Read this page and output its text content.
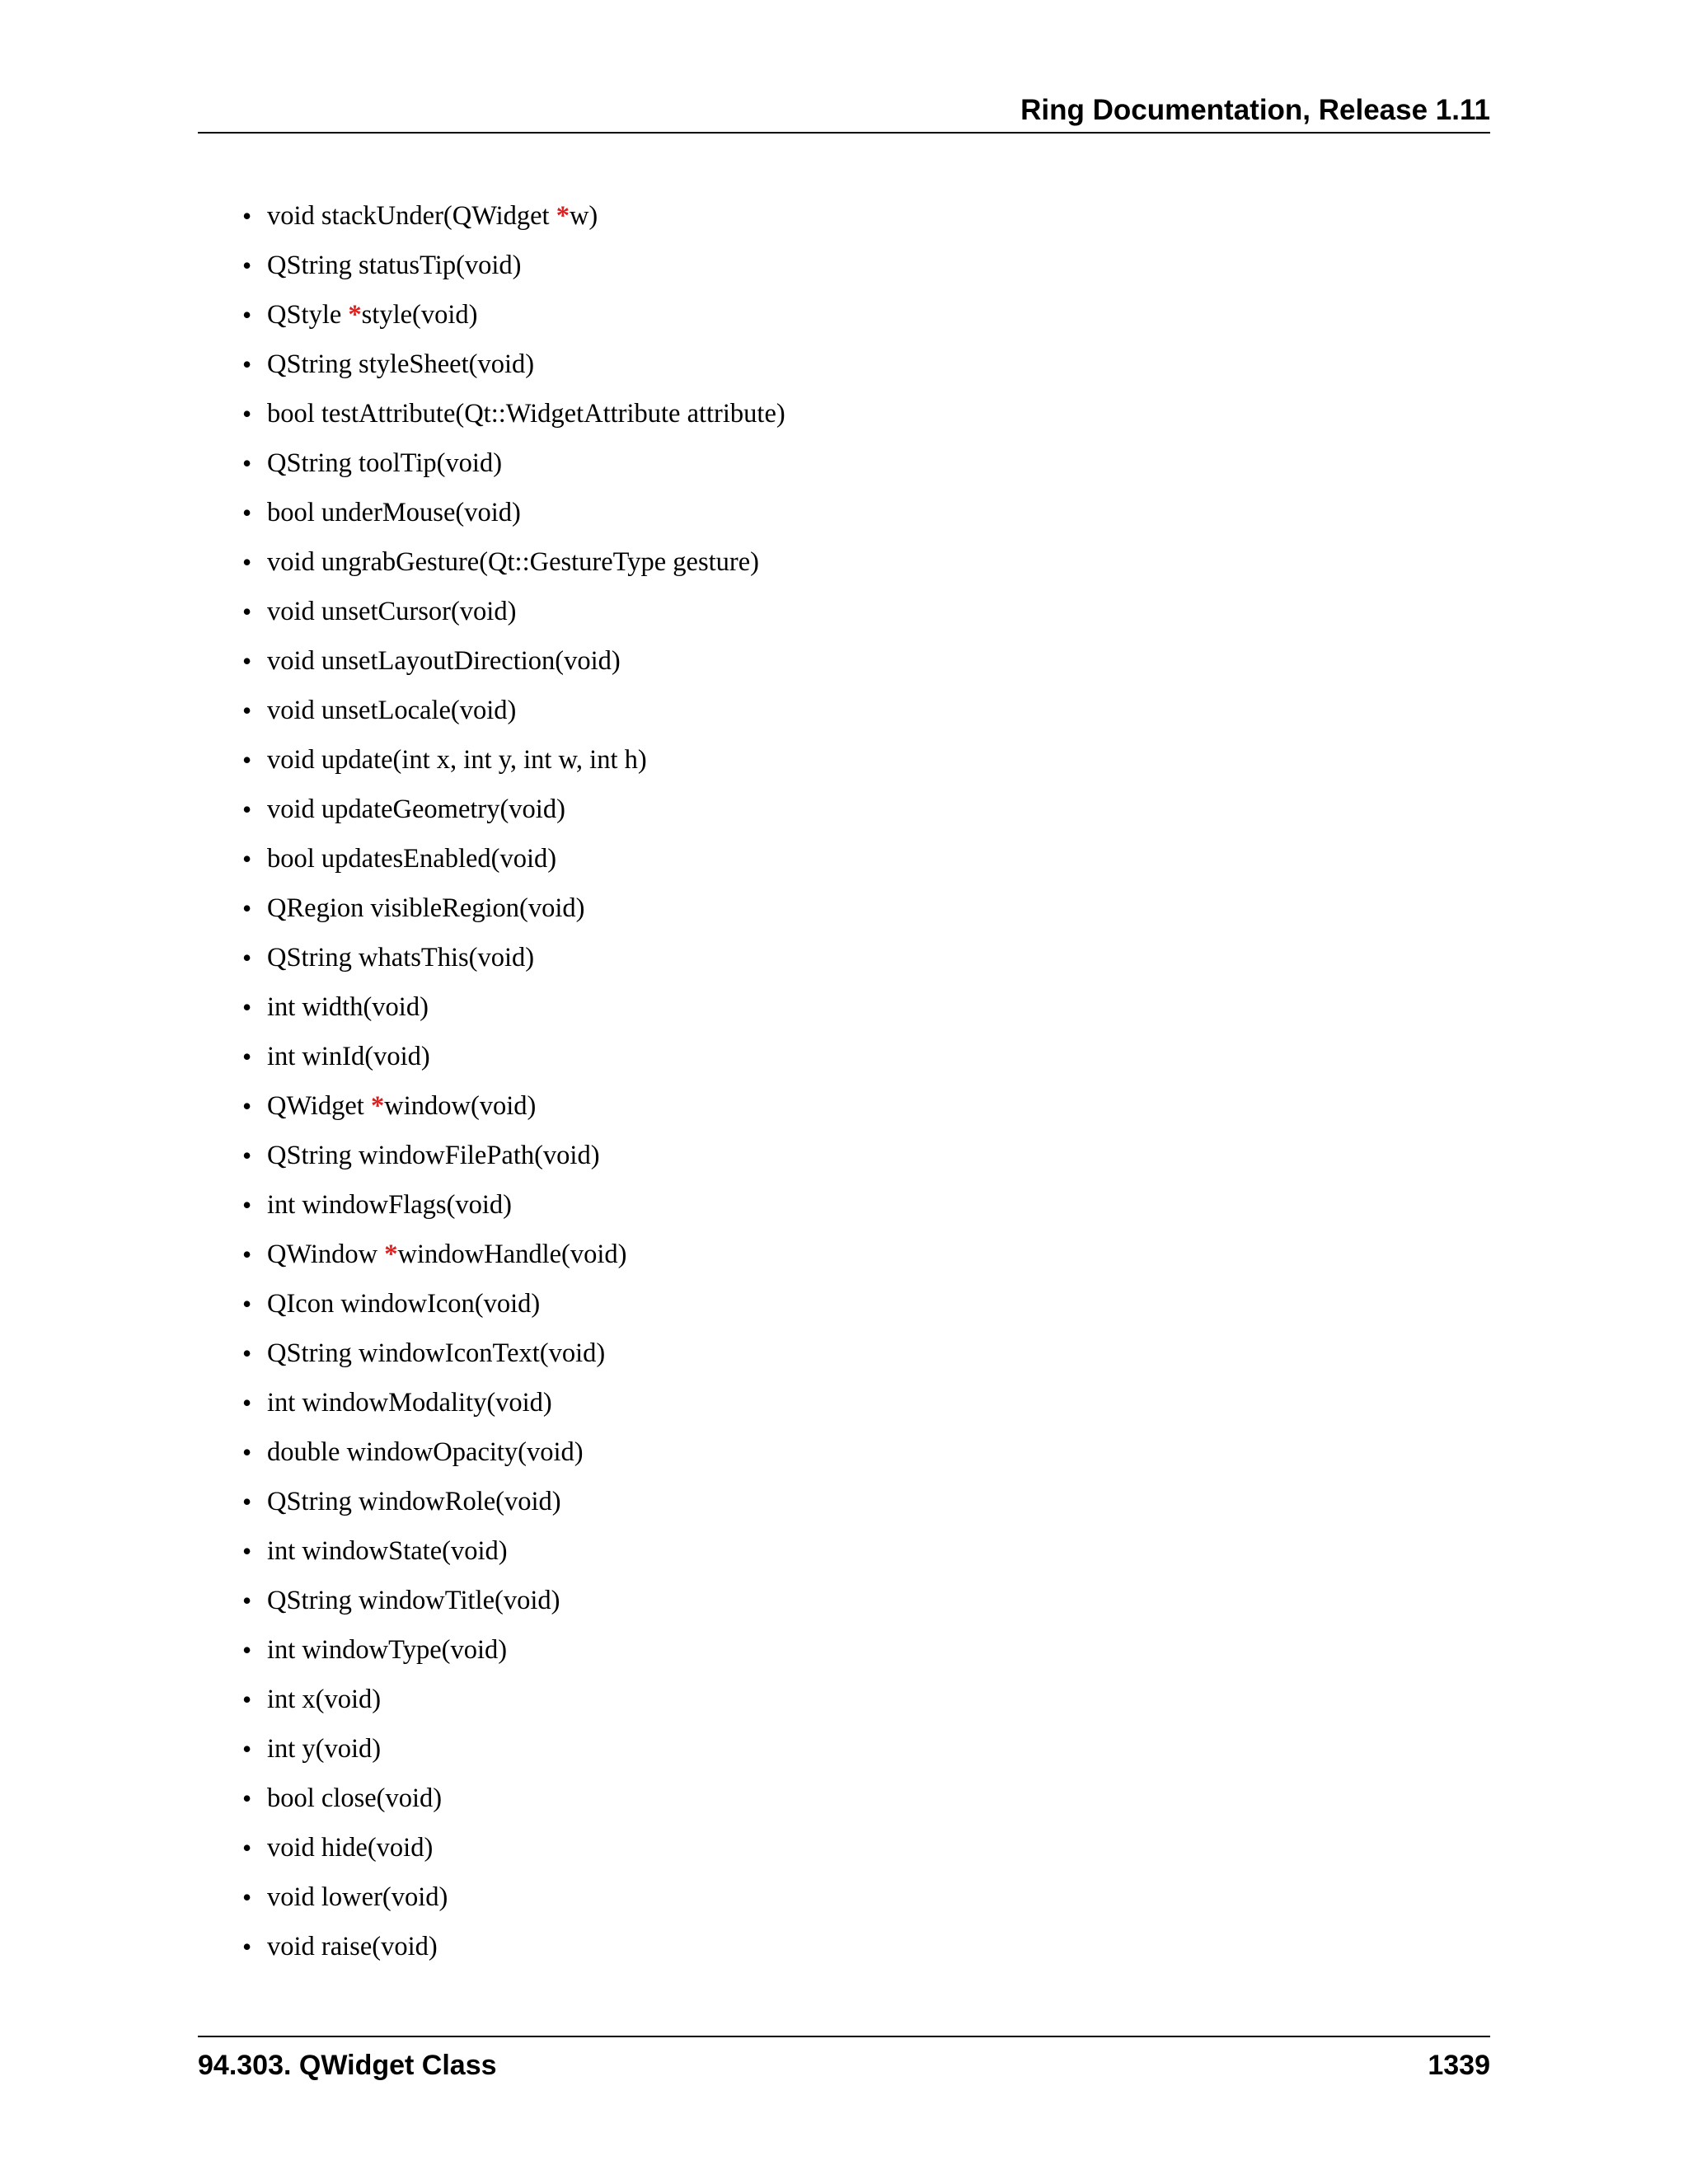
Ring Documentation, Release 1.11
• void stackUnder(QWidget *w)
• QString statusTip(void)
• QStyle *style(void)
• QString styleSheet(void)
• bool testAttribute(Qt::WidgetAttribute attribute)
• QString toolTip(void)
• bool underMouse(void)
• void ungrabGesture(Qt::GestureType gesture)
• void unsetCursor(void)
• void unsetLayoutDirection(void)
• void unsetLocale(void)
• void update(int x, int y, int w, int h)
• void updateGeometry(void)
• bool updatesEnabled(void)
• QRegion visibleRegion(void)
• QString whatsThis(void)
• int width(void)
• int winId(void)
• QWidget *window(void)
• QString windowFilePath(void)
• int windowFlags(void)
• QWindow *windowHandle(void)
• QIcon windowIcon(void)
• QString windowIconText(void)
• int windowModality(void)
• double windowOpacity(void)
• QString windowRole(void)
• int windowState(void)
• QString windowTitle(void)
• int windowType(void)
• int x(void)
• int y(void)
• bool close(void)
• void hide(void)
• void lower(void)
• void raise(void)
94.303. QWidget Class	1339
